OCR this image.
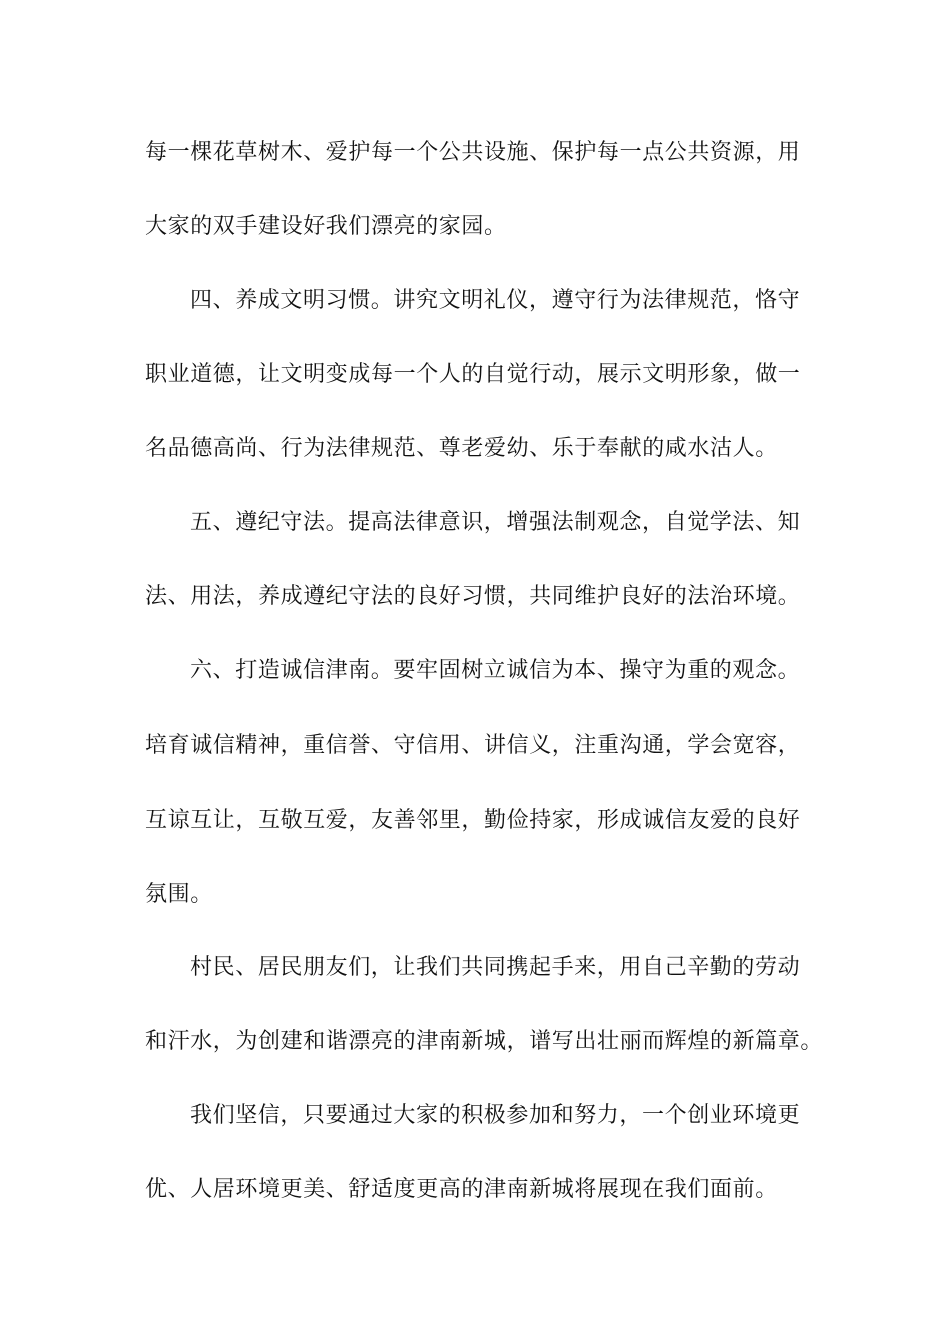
每一棵花草树木、爱护每一个公共设施、保护每一点公共资源，用
大家的双手建设好我们漂亮的家园。
四、养成文明习惯。讲究文明礼仪，遵守行为法律规范，恪守
职业道德，让文明变成每一个人的自觉行动，展示文明形象，做一
名品德高尚、行为法律规范、尊老爱幼、乐于奉献的咸水沽人。
五、遵纪守法。提高法律意识，增强法制观念，自觉学法、知
法、用法，养成遵纪守法的良好习惯，共同维护良好的法治环境。
六、打造诚信津南。要牢固树立诚信为本、操守为重的观念。
培育诚信精神，重信誉、守信用、讲信义，注重沟通，学会宽容，
互谅互让，互敬互爱，友善邻里，勤俭持家，形成诚信友爱的良好
氛围。
村民、居民朋友们，让我们共同携起手来，用自己辛勤的劳动
和汗水，为创建和谐漂亮的津南新城，谱写出壮丽而辉煌的新篇章。
我们坚信，只要通过大家的积极参加和努力，一个创业环境更
优、人居环境更美、舒适度更高的津南新城将展现在我们面前。
